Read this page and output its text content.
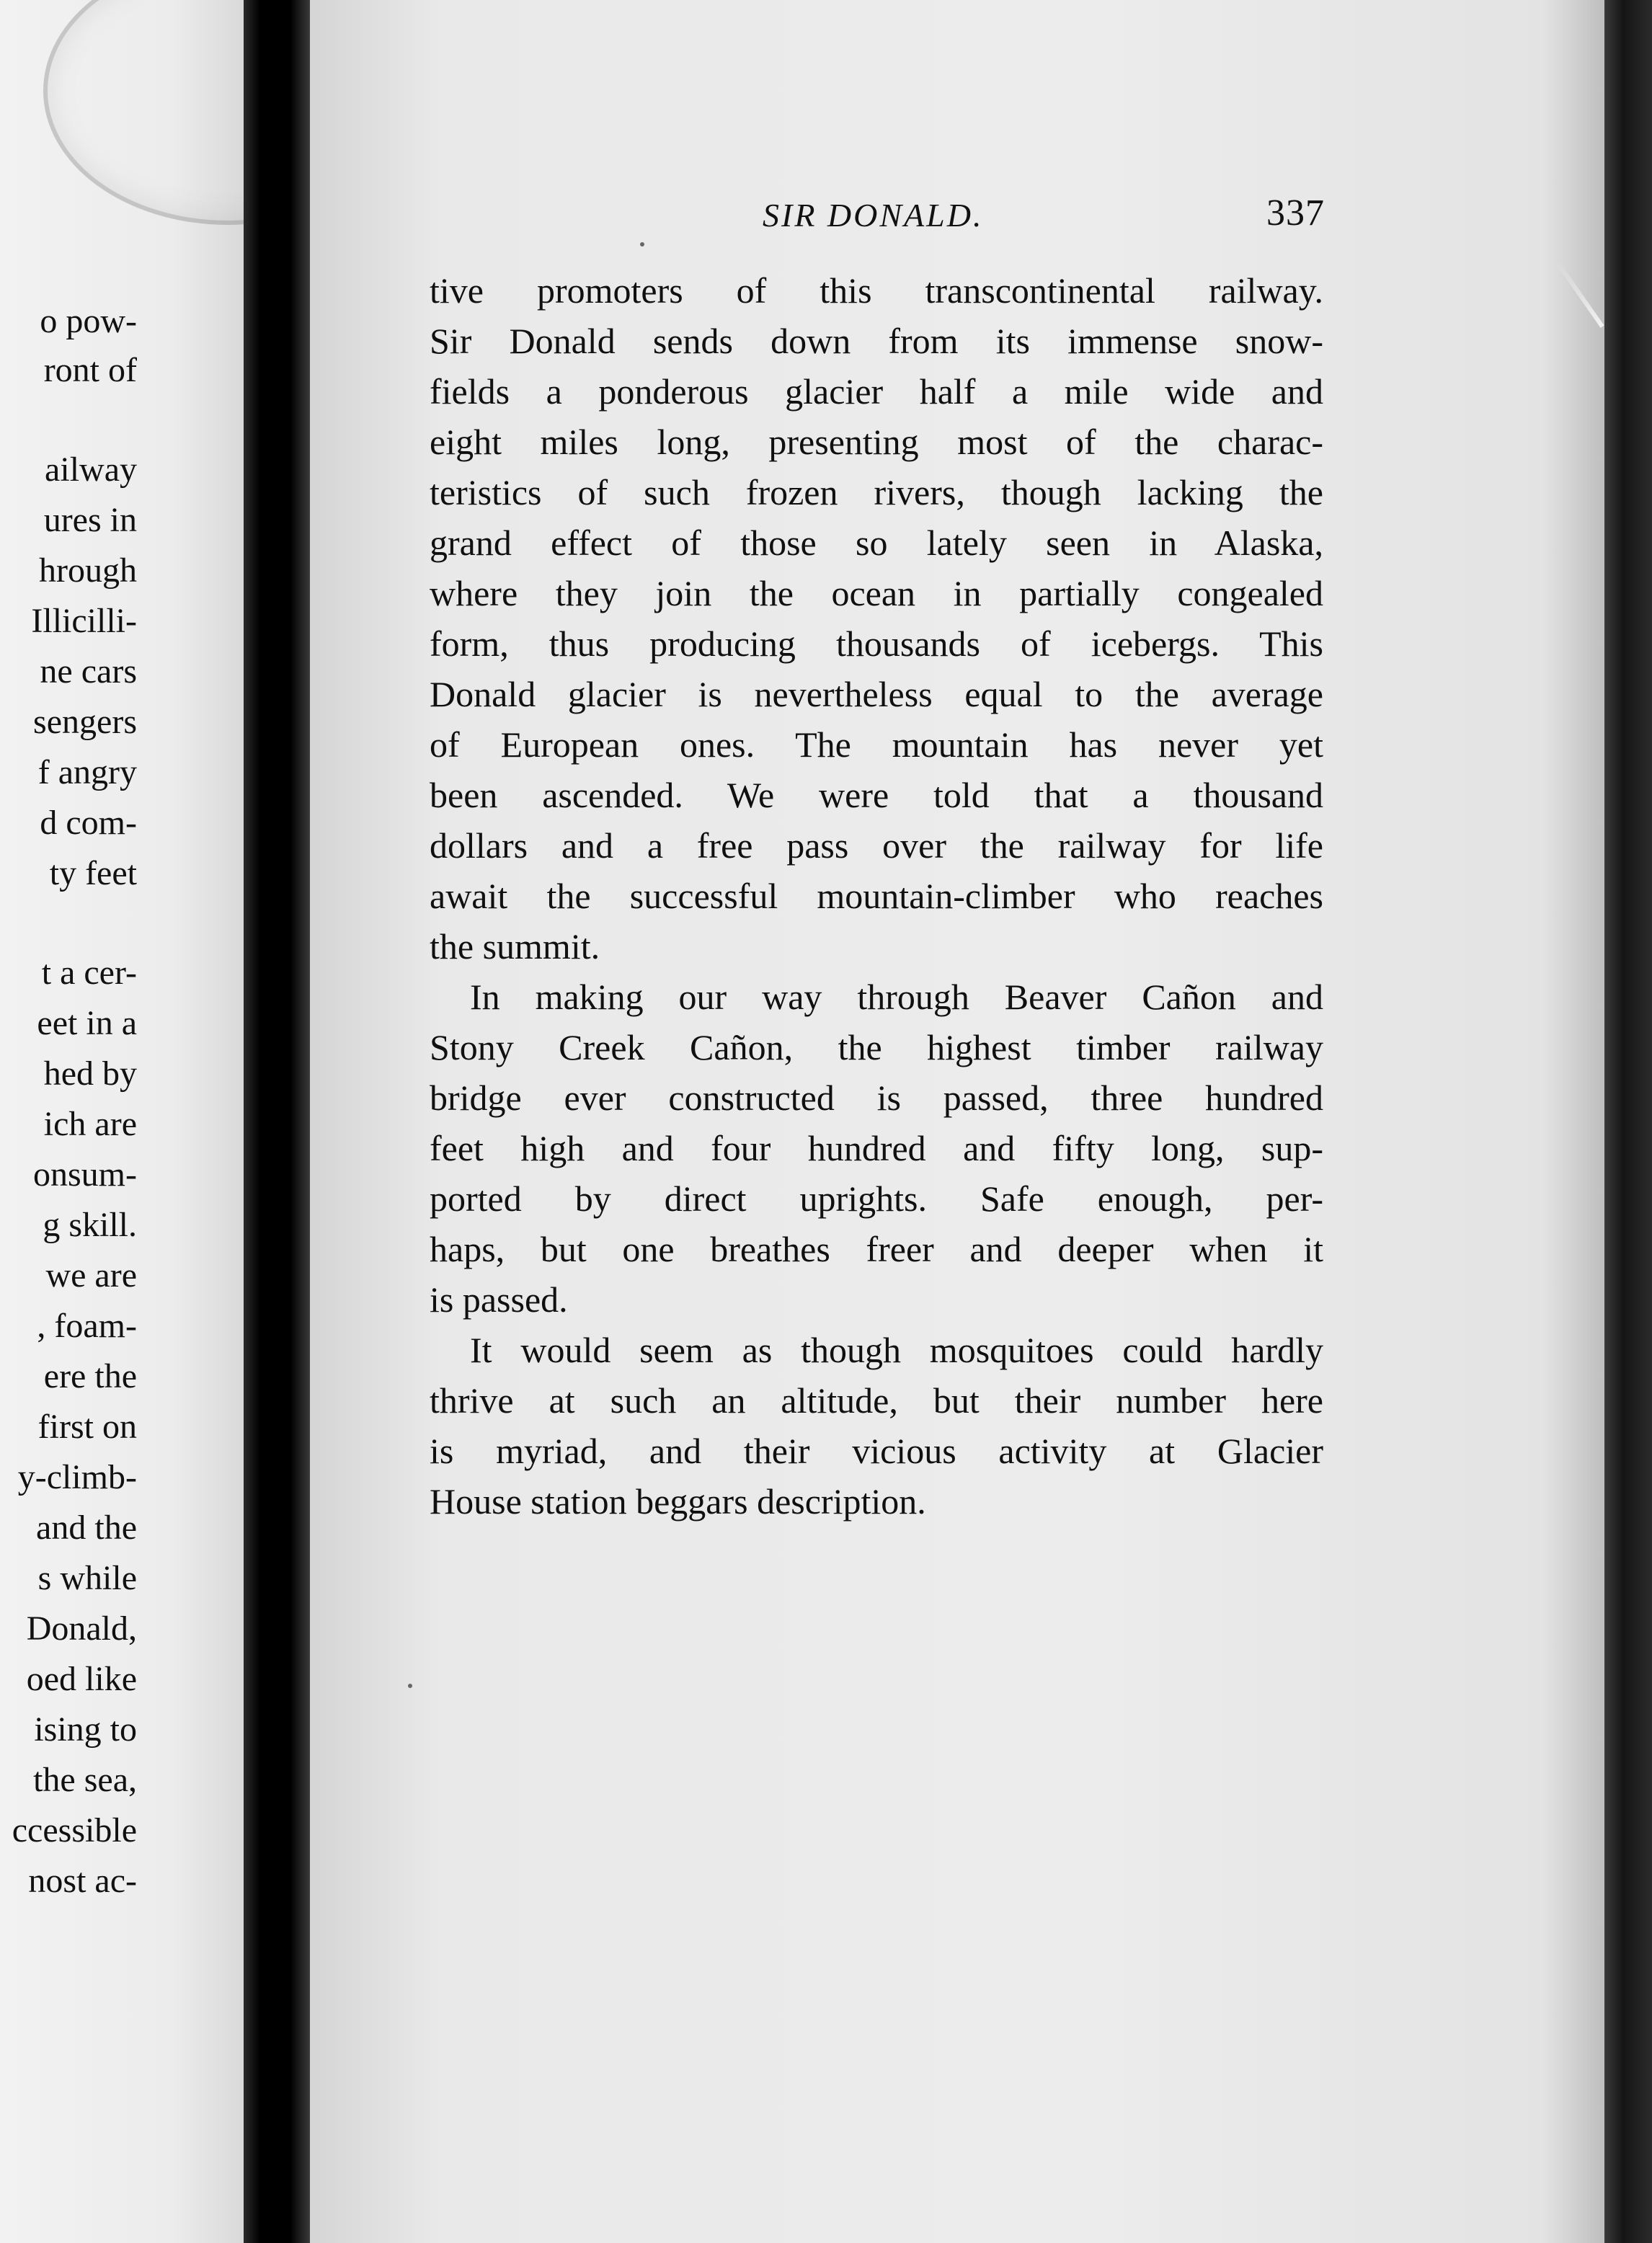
o pow-
ront of
ailway
ures in
hrough
Illicilli-
ne cars
sengers
f angry
d com-
ty feet
t a cer-
eet in a
hed by
ich are
onsum-
g skill.
we are
, foam-
ere the
first on
y-climb-
and the
s while
Donald,
oed like
ising to
the sea,
ccessible
nost ac-
SIR DONALD.	337
tive promoters of this transcontinental railway.
Sir Donald sends down from its immense snow-
fields a ponderous glacier half a mile wide and
eight miles long, presenting most of the charac-
teristics of such frozen rivers, though lacking the
grand effect of those so lately seen in Alaska,
where they join the ocean in partially congealed
form, thus producing thousands of icebergs. This
Donald glacier is nevertheless equal to the average
of European ones. The mountain has never yet
been ascended. We were told that a thousand
dollars and a free pass over the railway for life
await the successful mountain-climber who reaches
the summit.
In making our way through Beaver Cañon and
Stony Creek Cañon, the highest timber railway
bridge ever constructed is passed, three hundred
feet high and four hundred and fifty long, sup-
ported by direct uprights. Safe enough, per-
haps, but one breathes freer and deeper when it
is passed.
It would seem as though mosquitoes could hardly
thrive at such an altitude, but their number here
is myriad, and their vicious activity at Glacier
House station beggars description.
